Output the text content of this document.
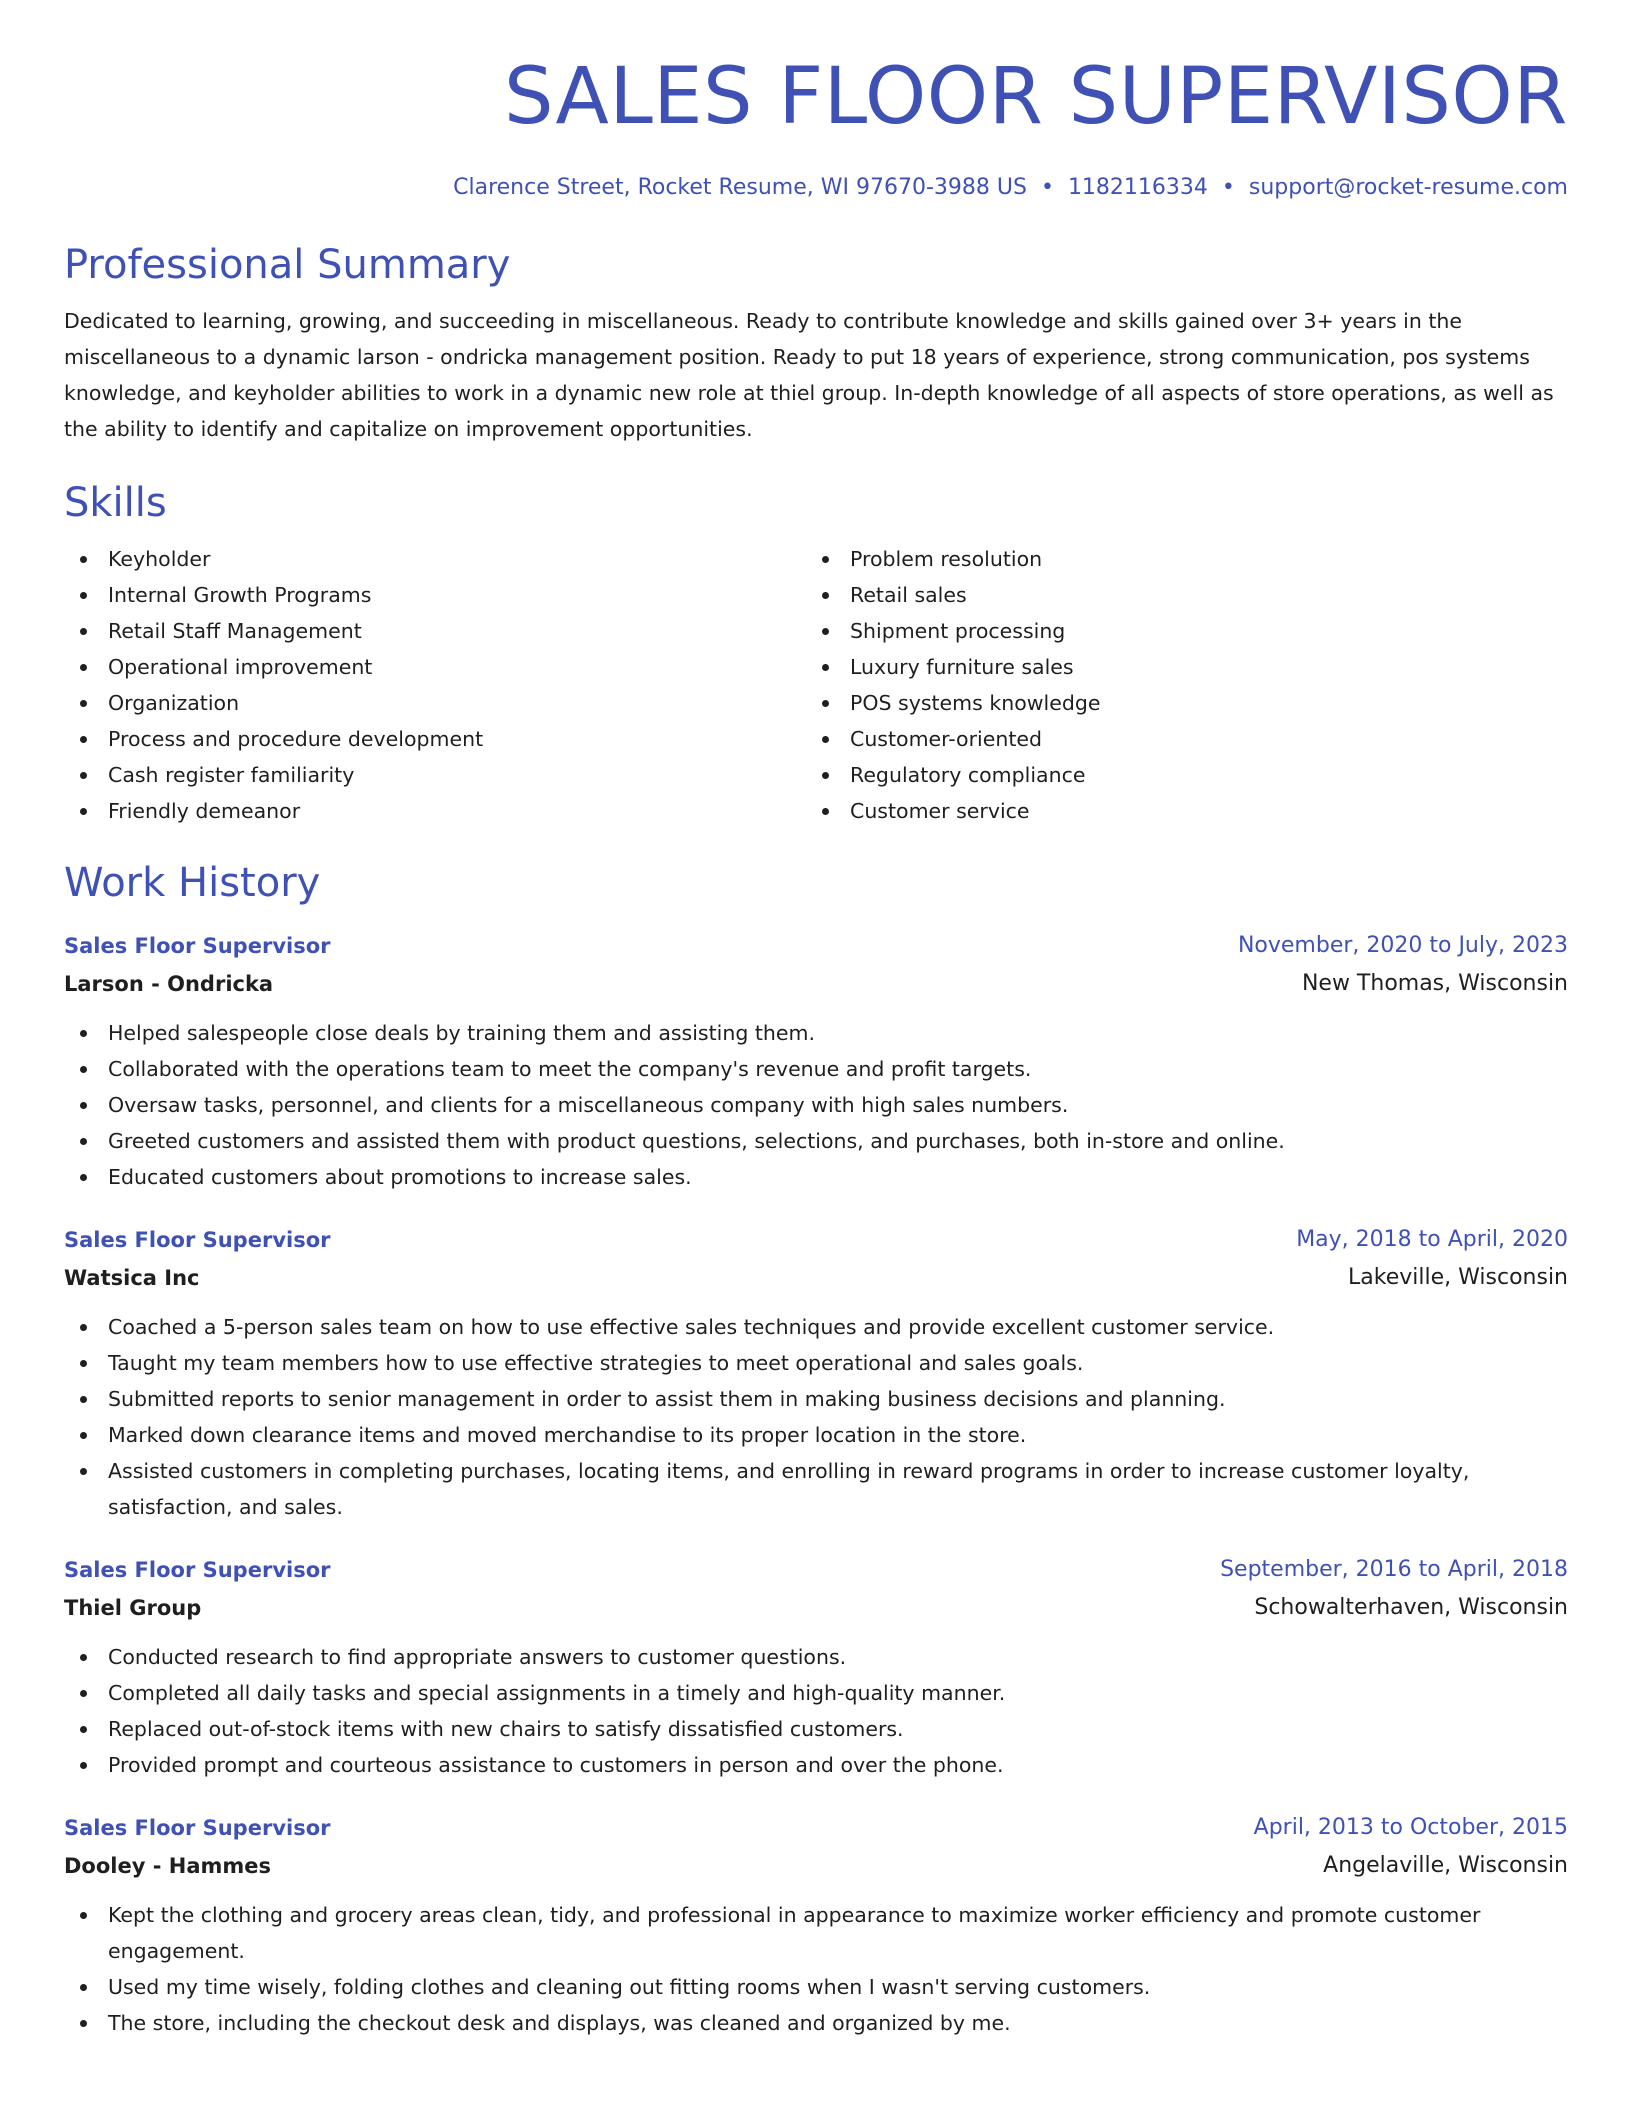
SALES FLOOR SUPERVISOR
Clarence Street, Rocket Resume, WI 97670-3988 US • 1182116334 • support@rocket-resume.com
Professional Summary
Dedicated to learning, growing, and succeeding in miscellaneous. Ready to contribute knowledge and skills gained over 3+ years in the miscellaneous to a dynamic larson - ondricka management position. Ready to put 18 years of experience, strong communication, pos systems knowledge, and keyholder abilities to work in a dynamic new role at thiel group. In-depth knowledge of all aspects of store operations, as well as the ability to identify and capitalize on improvement opportunities.
Skills
Keyholder
Internal Growth Programs
Retail Staff Management
Operational improvement
Organization
Process and procedure development
Cash register familiarity
Friendly demeanor
Problem resolution
Retail sales
Shipment processing
Luxury furniture sales
POS systems knowledge
Customer-oriented
Regulatory compliance
Customer service
Work History
Sales Floor Supervisor	November, 2020 to July, 2023
Larson - Ondricka	New Thomas, Wisconsin
Helped salespeople close deals by training them and assisting them.
Collaborated with the operations team to meet the company's revenue and profit targets.
Oversaw tasks, personnel, and clients for a miscellaneous company with high sales numbers.
Greeted customers and assisted them with product questions, selections, and purchases, both in-store and online.
Educated customers about promotions to increase sales.
Sales Floor Supervisor	May, 2018 to April, 2020
Watsica Inc	Lakeville, Wisconsin
Coached a 5-person sales team on how to use effective sales techniques and provide excellent customer service.
Taught my team members how to use effective strategies to meet operational and sales goals.
Submitted reports to senior management in order to assist them in making business decisions and planning.
Marked down clearance items and moved merchandise to its proper location in the store.
Assisted customers in completing purchases, locating items, and enrolling in reward programs in order to increase customer loyalty, satisfaction, and sales.
Sales Floor Supervisor	September, 2016 to April, 2018
Thiel Group	Schowalterhaven, Wisconsin
Conducted research to find appropriate answers to customer questions.
Completed all daily tasks and special assignments in a timely and high-quality manner.
Replaced out-of-stock items with new chairs to satisfy dissatisfied customers.
Provided prompt and courteous assistance to customers in person and over the phone.
Sales Floor Supervisor	April, 2013 to October, 2015
Dooley - Hammes	Angelaville, Wisconsin
Kept the clothing and grocery areas clean, tidy, and professional in appearance to maximize worker efficiency and promote customer engagement.
Used my time wisely, folding clothes and cleaning out fitting rooms when I wasn't serving customers.
The store, including the checkout desk and displays, was cleaned and organized by me.
